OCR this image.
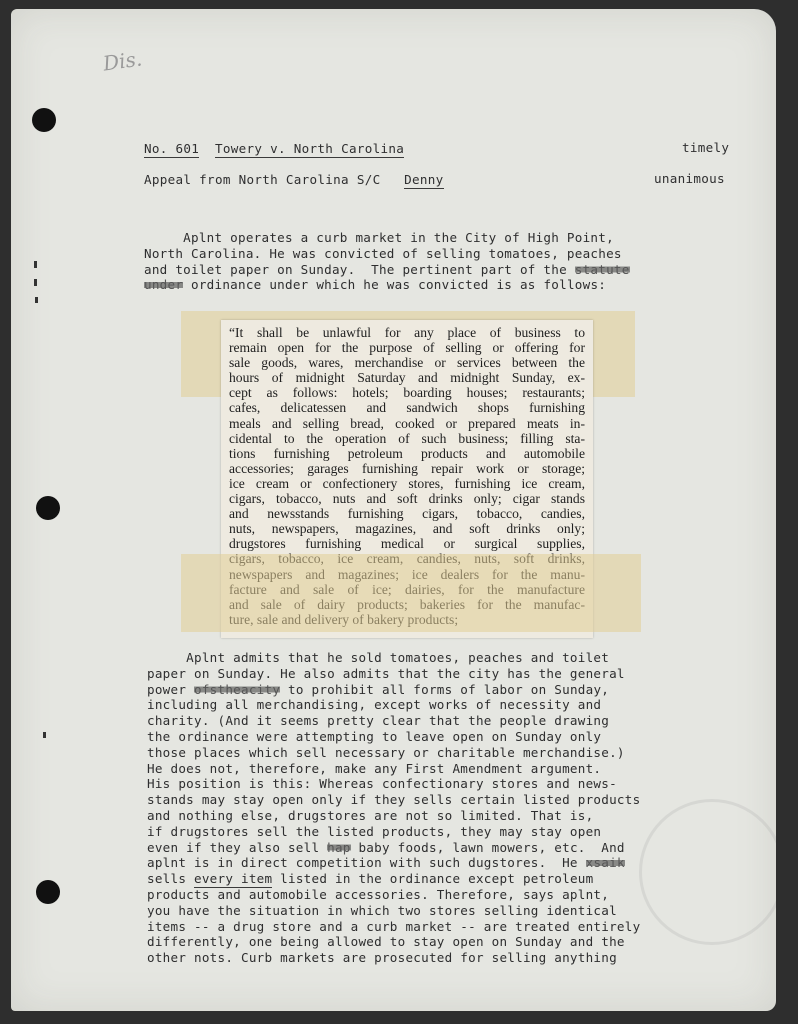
Dis.
No. 601 Towery v. North Carolina	timely
Appeal from North Carolina S/C Denny	unanimous
Aplnt operates a curb market in the City of High Point,
North Carolina. He was convicted of selling tomatoes, peaches
and toilet paper on Sunday.  The pertinent part of the statute
under ordinance under which he was convicted is as follows:
“It shall be unlawful for any place of business to
remain open for the purpose of selling or offering for
sale goods, wares, merchandise or services between the
hours of midnight Saturday and midnight Sunday, ex-
cept as follows: hotels; boarding houses; restaurants;
cafes, delicatessen and sandwich shops furnishing
meals and selling bread, cooked or prepared meats in-
cidental to the operation of such business; filling sta-
tions furnishing petroleum products and automobile
accessories; garages furnishing repair work or storage;
ice cream or confectionery stores, furnishing ice cream,
cigars, tobacco, nuts and soft drinks only; cigar stands
and newsstands furnishing cigars, tobacco, candies,
nuts, newspapers, magazines, and soft drinks only;
drugstores furnishing medical or surgical supplies,
Aplnt admits that he sold tomatoes, peaches and toilet
paper on Sunday. He also admits that the city has the general
power ofstheacity to prohibit all forms of labor on Sunday,
including all merchandising, except works of necessity and
charity. (And it seems pretty clear that the people drawing
the ordinance were attempting to leave open on Sunday only
those places which sell necessary or charitable merchandise.)
He does not, therefore, make any First Amendment argument.
His position is this: Whereas confectionary stores and news-
stands may stay open only if they sells certain listed products
and nothing else, drugstores are not so limited. That is,
if drugstores sell the listed products, they may stay open
even if they also sell hap baby foods, lawn mowers, etc.  And
aplnt is in direct competition with such dugstores.  He xsaik
sells every item listed in the ordinance except petroleum
products and automobile accessories. Therefore, says aplnt,
you have the situation in which two stores selling identical
items -- a drug store and a curb market -- are treated entirely
differently, one being allowed to stay open on Sunday and the
other nots. Curb markets are prosecuted for selling anything
